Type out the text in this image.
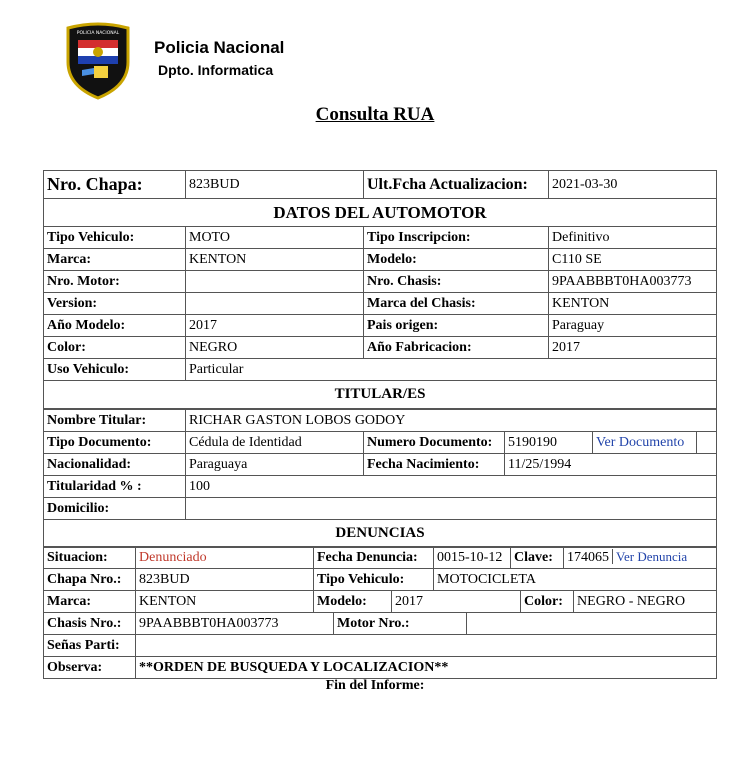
POLICIA NACIONAL
Policia Nacional
Dpto. Informatica
Consulta RUA
Nro. Chapa:	823BUD	Ult.Fcha Actualizacion:	2021-03-30
DATOS DEL AUTOMOTOR			
Tipo Vehiculo:	MOTO	Tipo Inscripcion:	Definitivo
Marca:	KENTON	Modelo:	C110 SE
Nro. Motor:		Nro. Chasis:	9PAABBBT0HA003773
Version:		Marca del Chasis:	KENTON
Año Modelo:	2017	Pais origen:	Paraguay
Color:	NEGRO	Año Fabricacion:	2017
Uso Vehiculo:	Particular		
TITULAR/ES			
Nombre Titular:	RICHAR GASTON LOBOS GODOY				
Tipo Documento:	Cédula de Identidad	Numero Documento:	5190190	Ver Documento	
Nacionalidad:	Paraguaya	Fecha Nacimiento:	11/25/1994		
Titularidad % :	100				
Domicilio:					
DENUNCIAS					
Situacion:	Denunciado	Fecha Denuncia:			0015-10-12		Clave:		174065 Ver Denuncia	
Chapa Nro.:	823BUD	Tipo Vehiculo:			MOTOCICLETA					
Marca:	KENTON	Modelo:		2017				Color:		NEGRO - NEGRO
Chasis Nro.:	9PAABBBT0HA003773		Motor Nro.:							
Señas Parti:										
Observa:	**ORDEN DE BUSQUEDA Y LOCALIZACION**									
Fin del Informe:
